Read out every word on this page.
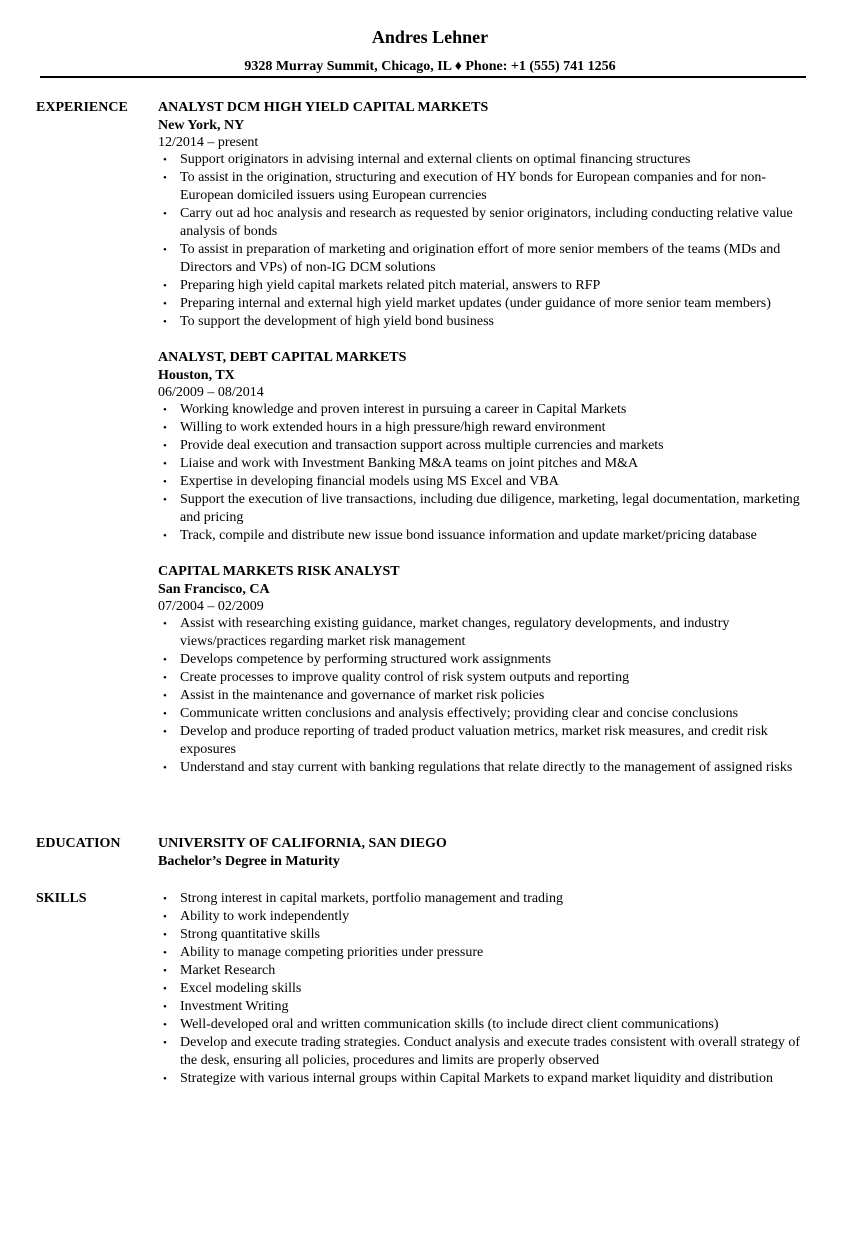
Andres Lehner
9328 Murray Summit, Chicago, IL ♦ Phone: +1 (555) 741 1256
EXPERIENCE ANALYST DCM HIGH YIELD CAPITAL MARKETS
New York, NY
12/2014 – present
• Support originators in advising internal and external clients on optimal financing structures
• To assist in the origination, structuring and execution of HY bonds for European companies and for non-European domiciled issuers using European currencies
• Carry out ad hoc analysis and research as requested by senior originators, including conducting relative value analysis of bonds
• To assist in preparation of marketing and origination effort of more senior members of the teams (MDs and Directors and VPs) of non-IG DCM solutions
• Preparing high yield capital markets related pitch material, answers to RFP
• Preparing internal and external high yield market updates (under guidance of more senior team members)
• To support the development of high yield bond business
ANALYST, DEBT CAPITAL MARKETS
Houston, TX
06/2009 – 08/2014
• Working knowledge and proven interest in pursuing a career in Capital Markets
• Willing to work extended hours in a high pressure/high reward environment
• Provide deal execution and transaction support across multiple currencies and markets
• Liaise and work with Investment Banking M&A teams on joint pitches and M&A
• Expertise in developing financial models using MS Excel and VBA
• Support the execution of live transactions, including due diligence, marketing, legal documentation, marketing and pricing
• Track, compile and distribute new issue bond issuance information and update market/pricing database
CAPITAL MARKETS RISK ANALYST
San Francisco, CA
07/2004 – 02/2009
• Assist with researching existing guidance, market changes, regulatory developments, and industry views/practices regarding market risk management
• Develops competence by performing structured work assignments
• Create processes to improve quality control of risk system outputs and reporting
• Assist in the maintenance and governance of market risk policies
• Communicate written conclusions and analysis effectively; providing clear and concise conclusions
• Develop and produce reporting of traded product valuation metrics, market risk measures, and credit risk exposures
• Understand and stay current with banking regulations that relate directly to the management of assigned risks
EDUCATION	UNIVERSITY OF CALIFORNIA, SAN DIEGO
Bachelor’s Degree in Maturity
SKILLS	• Strong interest in capital markets, portfolio management and trading
• Ability to work independently
• Strong quantitative skills
• Ability to manage competing priorities under pressure
• Market Research
• Excel modeling skills
• Investment Writing
• Well-developed oral and written communication skills (to include direct client communications)
• Develop and execute trading strategies. Conduct analysis and execute trades consistent with overall strategy of the desk, ensuring all policies, procedures and limits are properly observed
• Strategize with various internal groups within Capital Markets to expand market liquidity and distribution
